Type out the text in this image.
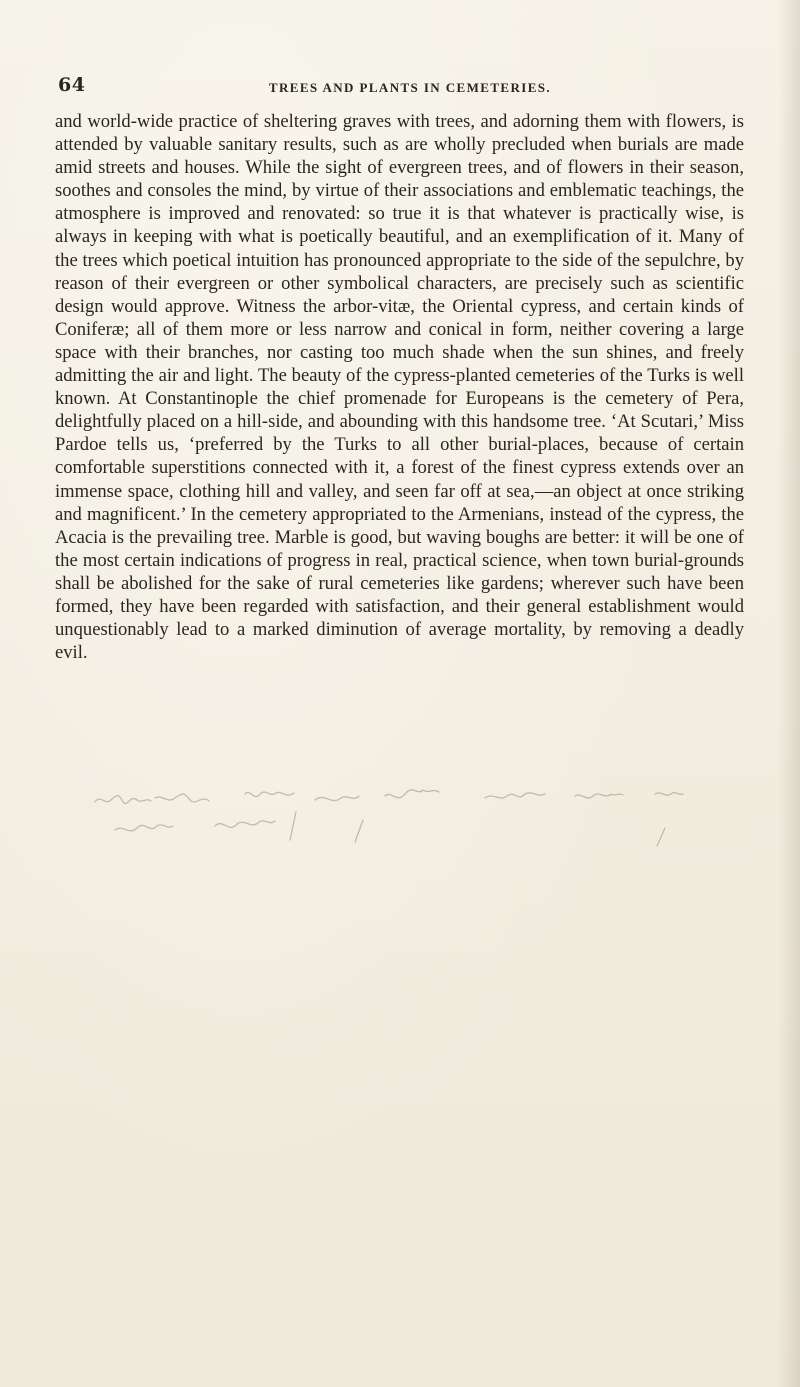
64	TREES AND PLANTS IN CEMETERIES.

and world-wide practice of sheltering graves with trees, and adorning them with flowers, is attended by valuable sanitary results, such as are wholly precluded when burials are made amid streets and houses. While the sight of evergreen trees, and of flowers in their season, soothes and consoles the mind, by virtue of their associations and emblematic teachings, the atmosphere is improved and renovated: so true it is that whatever is practically wise, is always in keeping with what is poetically beautiful, and an exemplification of it. Many of the trees which poetical intuition has pronounced appropriate to the side of the sepulchre, by reason of their evergreen or other symbolical characters, are precisely such as scientific design would approve. Witness the arbor-vitæ, the Oriental cypress, and certain kinds of Coniferæ; all of them more or less narrow and conical in form, neither covering a large space with their branches, nor casting too much shade when the sun shines, and freely admitting the air and light. The beauty of the cypress-planted cemeteries of the Turks is well known. At Constantinople the chief promenade for Europeans is the cemetery of Pera, delightfully placed on a hill-side, and abounding with this handsome tree. ‘At Scutari,’ Miss Pardoe tells us, ‘preferred by the Turks to all other burial-places, because of certain comfortable superstitions connected with it, a forest of the finest cypress extends over an immense space, clothing hill and valley, and seen far off at sea,—an object at once striking and magnificent.’ In the cemetery appropriated to the Armenians, instead of the cypress, the Acacia is the prevailing tree. Marble is good, but waving boughs are better: it will be one of the most certain indications of progress in real, practical science, when town burial-grounds shall be abolished for the sake of rural cemeteries like gardens; wherever such have been formed, they have been regarded with satisfaction, and their general establishment would unquestionably lead to a marked diminution of average mortality, by removing a deadly evil.
